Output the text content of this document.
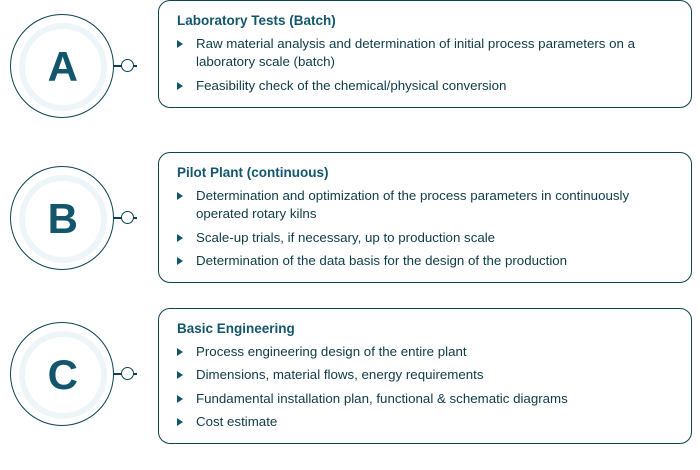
A
Laboratory Tests (Batch)
Raw material analysis and determination of initial process parameters on a laboratory scale (batch)
Feasibility check of the chemical/physical conversion
B
Pilot Plant (continuous)
Determination and optimization of the process parameters in continuously operated rotary kilns
Scale-up trials, if necessary, up to production scale
Determination of the data basis for the design of the production
C
Basic Engineering
Process engineering design of the entire plant
Dimensions, material flows, energy requirements
Fundamental installation plan, functional & schematic diagrams
Cost estimate
